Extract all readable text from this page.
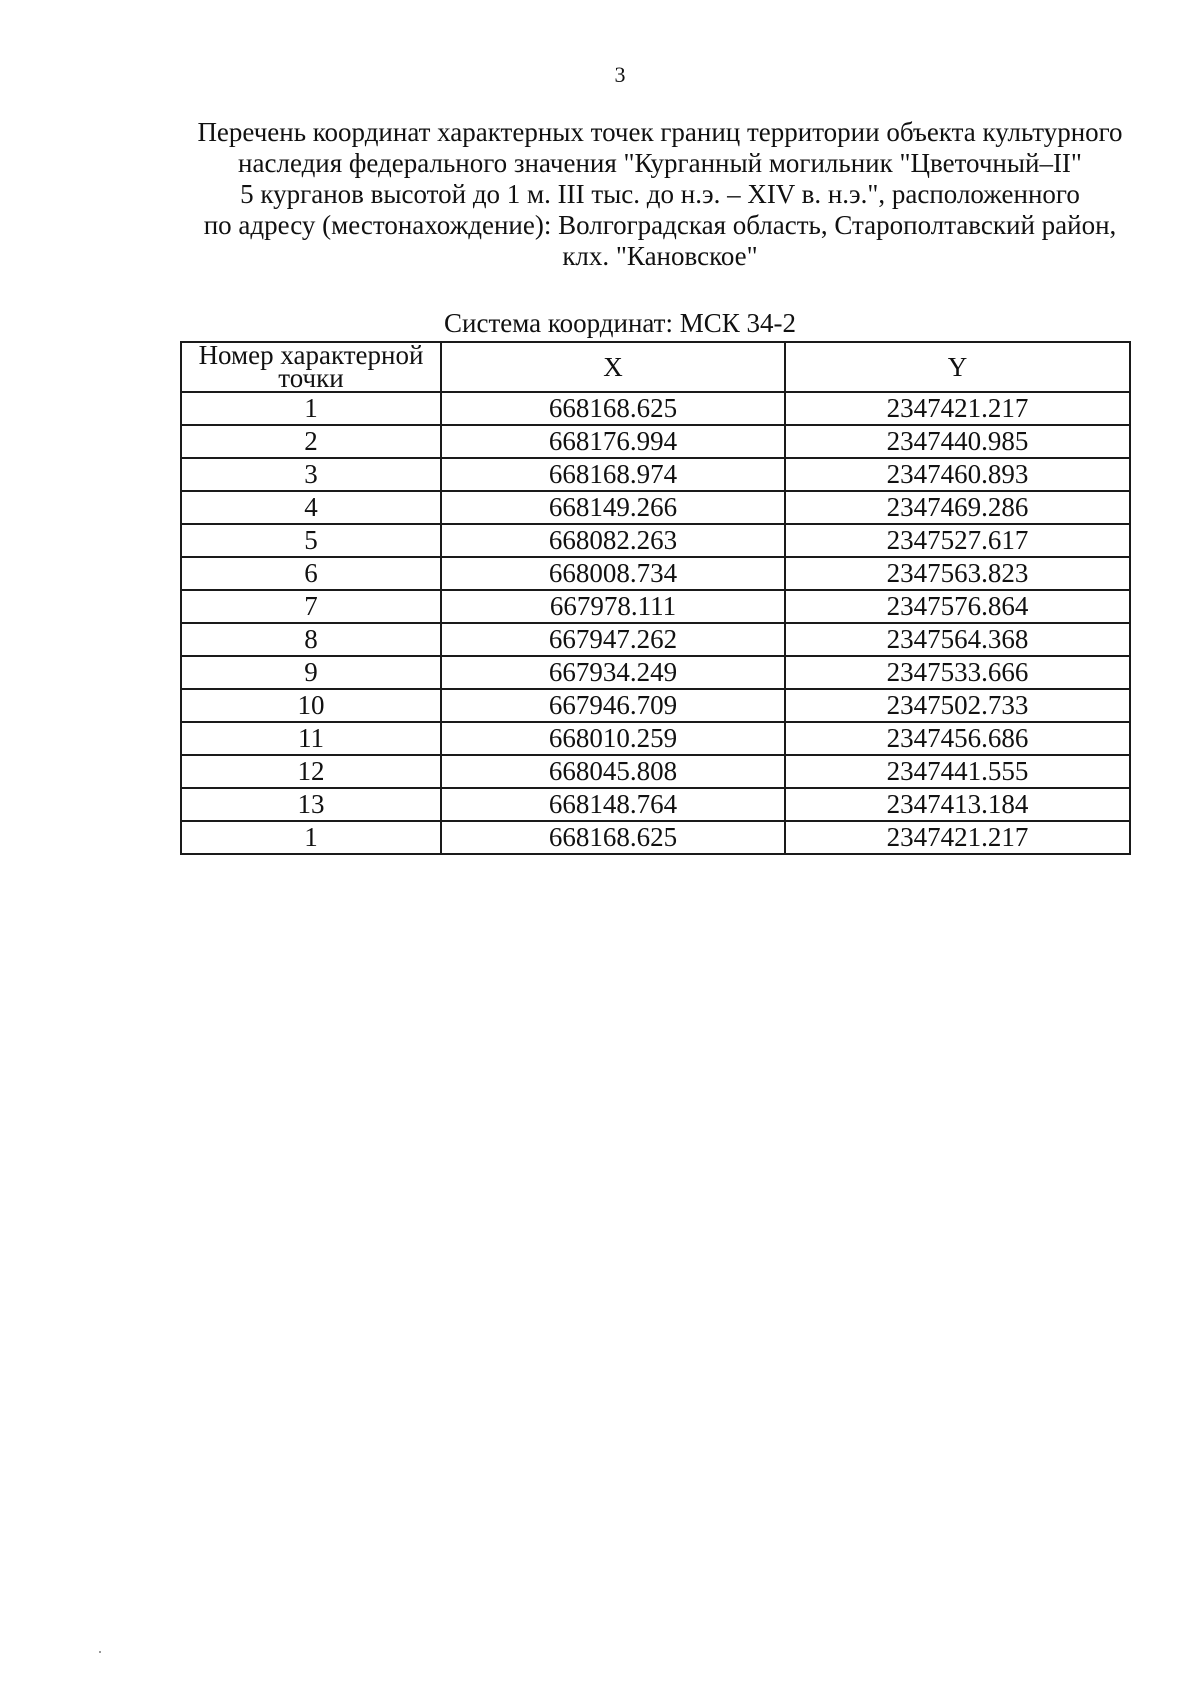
3
Перечень координат характерных точек границ территории объекта культурного
наследия федерального значения "Курганный могильник "Цветочный–II"
5 курганов высотой до 1 м. III тыс. до н.э. – XIV в. н.э.", расположенного
по адресу (местонахождение): Волгоградская область, Старополтавский район,
клх. "Кановское"
Система координат: МСК 34-2
Номер характерной точки	X	Y
1	668168.625	2347421.217
2	668176.994	2347440.985
3	668168.974	2347460.893
4	668149.266	2347469.286
5	668082.263	2347527.617
6	668008.734	2347563.823
7	667978.111	2347576.864
8	667947.262	2347564.368
9	667934.249	2347533.666
10	667946.709	2347502.733
11	668010.259	2347456.686
12	668045.808	2347441.555
13	668148.764	2347413.184
1	668168.625	2347421.217
